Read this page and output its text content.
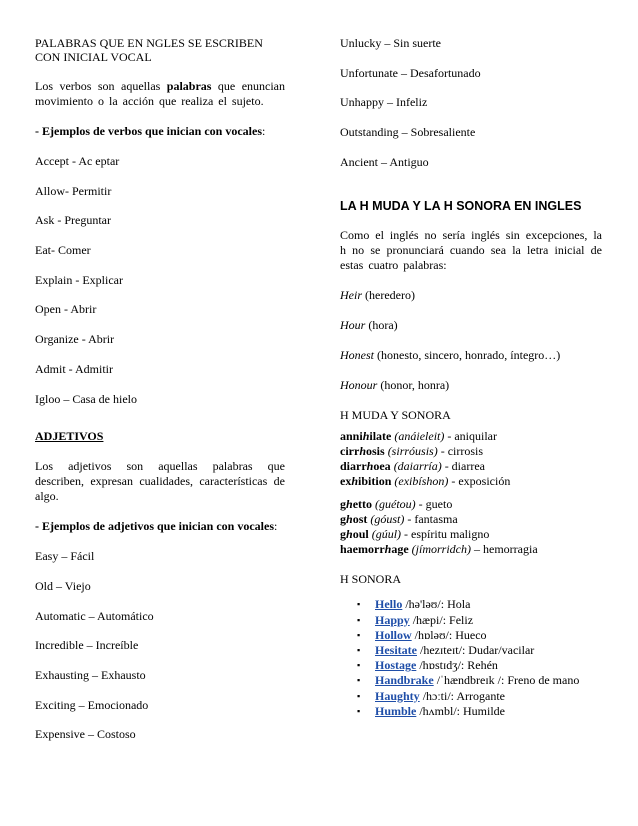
PALABRAS QUE EN NGLES SE ESCRIBEN
CON INICIAL VOCAL
Los verbos son aquellas palabras que enuncian movimiento o la acción que realiza el sujeto.
- Ejemplos de verbos que inician con vocales:
Accept - Ac eptar
Allow- Permitir
Ask - Preguntar
Eat- Comer
Explain - Explicar
Open - Abrir
Organize - Abrir
Admit - Admitir
Igloo – Casa de hielo
ADJETIVOS
Los adjetivos son aquellas palabras que describen, expresan cualidades, características de algo.
- Ejemplos de adjetivos que inician con vocales:
Easy – Fácil
Old – Viejo
Automatic – Automático
Incredible – Increíble
Exhausting – Exhausto
Exciting – Emocionado
Expensive – Costoso
Unlucky – Sin suerte
Unfortunate – Desafortunado
Unhappy – Infeliz
Outstanding – Sobresaliente
Ancient – Antiguo
LA H MUDA Y LA H SONORA EN INGLES
Como el inglés no sería inglés sin excepciones, la h no se pronunciará cuando sea la letra inicial de estas cuatro palabras:
Heir (heredero)
Hour (hora)
Honest (honesto, sincero, honrado, íntegro…)
Honour (honor, honra)
H MUDA Y SONORA
annihilate (anáieleit) - aniquilar
cirrhosis (sirróusis) - cirrosis
diarrhoea (daiarría) - diarrea
exhibition (exibíshon) - exposición
ghetto (guétou) - gueto
ghost (góust) - fantasma
ghoul (gúul) - espíritu maligno
haemorrhage (jímorridch) – hemorragia
H SONORA
▪ Hello /hə'ləʊ/: Hola
▪ Happy /hæpi/: Feliz
▪ Hollow /hɒləʊ/: Hueco
▪ Hesitate /hezɪteɪt/: Dudar/vacilar
▪ Hostage /hɒstɪdʒ/: Rehén
▪ Handbrake /ˈhændbreɪk /: Freno de mano
▪ Haughty /hɔːti/: Arrogante
▪ Humble /hʌmbl/: Humilde
